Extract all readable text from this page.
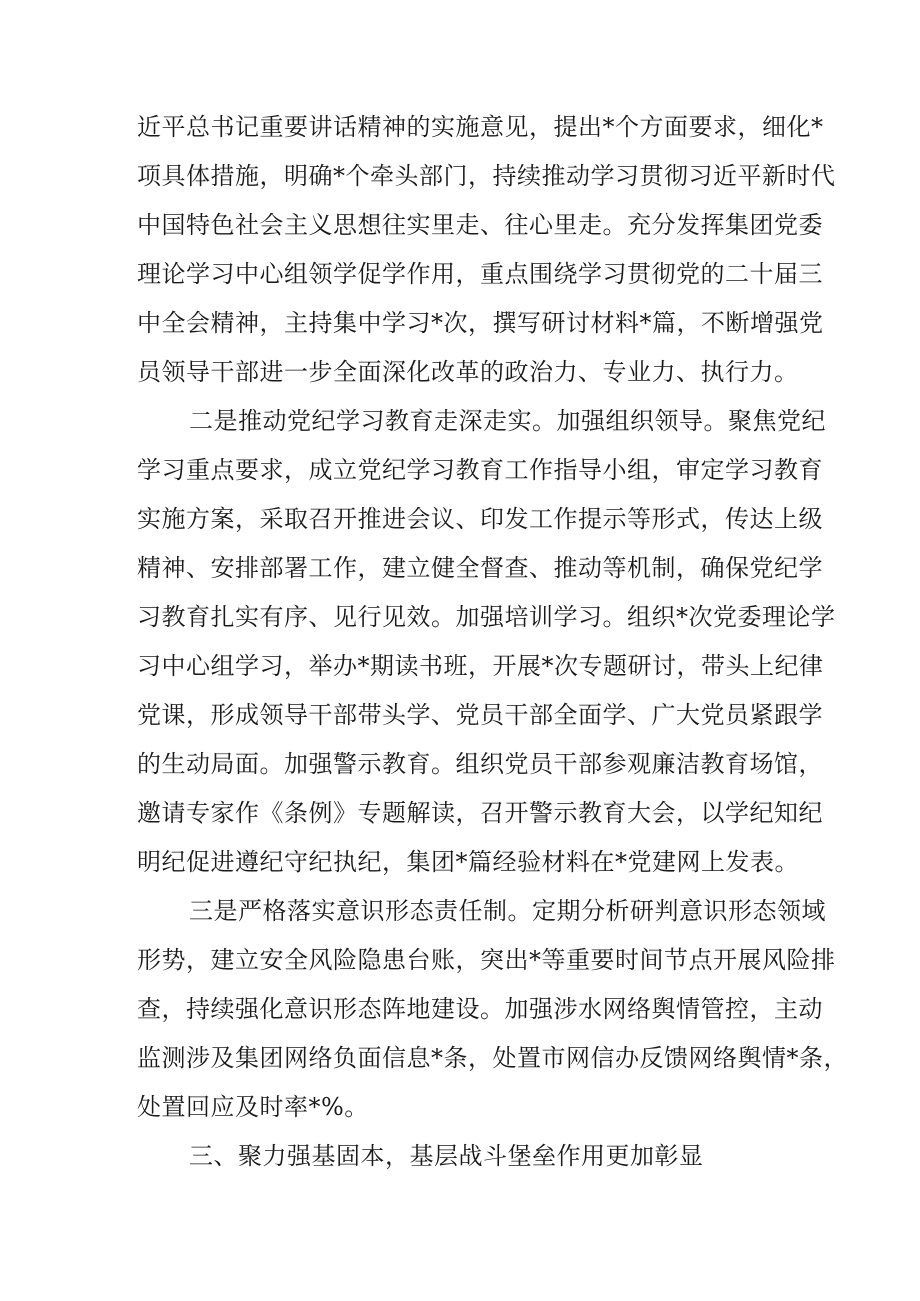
近平总书记重要讲话精神的实施意见，提出*个方面要求，细化*
项具体措施，明确*个牵头部门，持续推动学习贯彻习近平新时代
中国特色社会主义思想往实里走、往心里走。充分发挥集团党委
理论学习中心组领学促学作用，重点围绕学习贯彻党的二十届三
中全会精神，主持集中学习*次，撰写研讨材料*篇，不断增强党
员领导干部进一步全面深化改革的政治力、专业力、执行力。
二是推动党纪学习教育走深走实。加强组织领导。聚焦党纪
学习重点要求，成立党纪学习教育工作指导小组，审定学习教育
实施方案，采取召开推进会议、印发工作提示等形式，传达上级
精神、安排部署工作，建立健全督查、推动等机制，确保党纪学
习教育扎实有序、见行见效。加强培训学习。组织*次党委理论学
习中心组学习，举办*期读书班，开展*次专题研讨，带头上纪律
党课，形成领导干部带头学、党员干部全面学、广大党员紧跟学
的生动局面。加强警示教育。组织党员干部参观廉洁教育场馆，
邀请专家作《条例》专题解读，召开警示教育大会，以学纪知纪
明纪促进遵纪守纪执纪，集团*篇经验材料在*党建网上发表。
三是严格落实意识形态责任制。定期分析研判意识形态领域
形势，建立安全风险隐患台账，突出*等重要时间节点开展风险排
查，持续强化意识形态阵地建设。加强涉水网络舆情管控，主动
监测涉及集团网络负面信息*条，处置市网信办反馈网络舆情*条，
处置回应及时率*%。
三、聚力强基固本，基层战斗堡垒作用更加彰显
